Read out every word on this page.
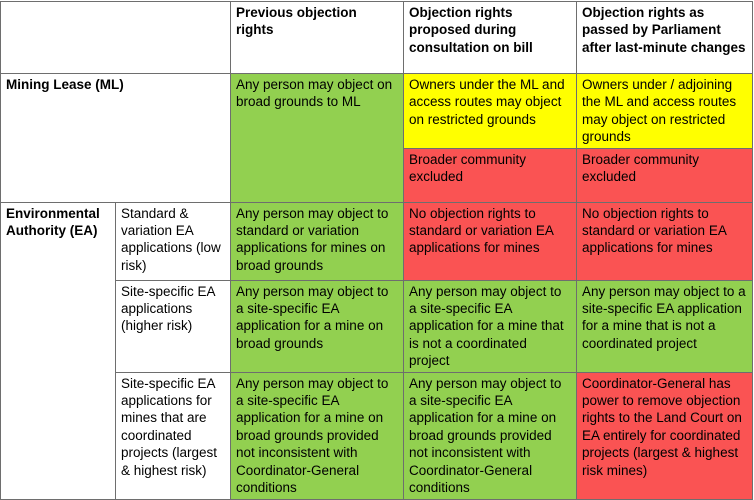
		Previous objection rights	Objection rights proposed during consultation on bill	Objection rights as passed by Parliament after last-minute changes
Mining Lease (ML)		Any person may object on broad grounds to ML	Owners under the ML and access routes may object on restricted grounds	Owners under / adjoining the ML and access routes may object on restricted grounds
			Broader community excluded	Broader community excluded
Environmental Authority (EA)	Standard & variation EA applications (low risk)	Any person may object to standard or variation applications for mines on broad grounds	No objection rights to standard or variation EA applications for mines	No objection rights to standard or variation EA applications for mines
	Site-specific EA applications (higher risk)	Any person may object to a site-specific EA application for a mine on broad grounds	Any person may object to a site-specific EA application for a mine that is not a coordinated project	Any person may object to a site-specific EA application for a mine that is not a coordinated project
	Site-specific EA applications for mines that are coordinated projects (largest & highest risk)	Any person may object to a site-specific EA application for a mine on broad grounds provided not inconsistent with Coordinator-General conditions	Any person may object to a site-specific EA application for a mine on broad grounds provided not inconsistent with Coordinator-General conditions	Coordinator-General has power to remove objection rights to the Land Court on EA entirely for coordinated projects (largest & highest risk mines)
